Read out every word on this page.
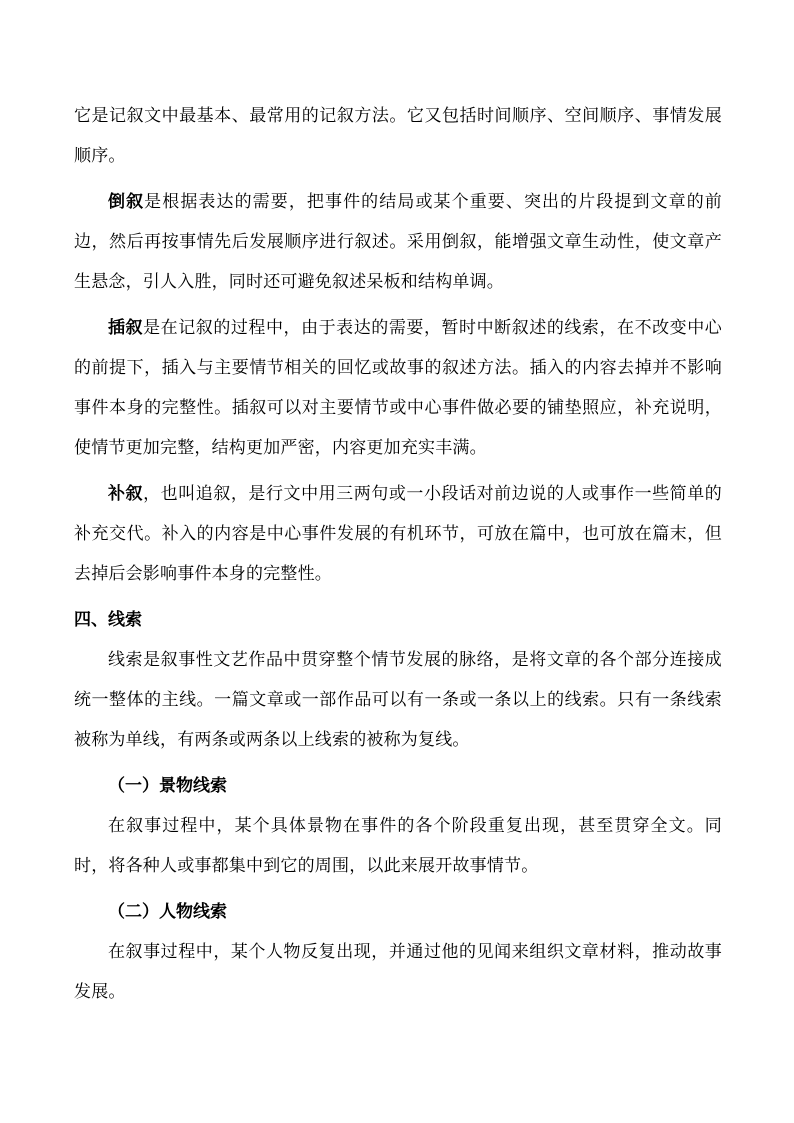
它是记叙文中最基本、最常用的记叙方法。它又包括时间顺序、空间顺序、事情发展顺序。

倒叙是根据表达的需要，把事件的结局或某个重要、突出的片段提到文章的前边，然后再按事情先后发展顺序进行叙述。采用倒叙，能增强文章生动性，使文章产生悬念，引人入胜，同时还可避免叙述呆板和结构单调。

插叙是在记叙的过程中，由于表达的需要，暂时中断叙述的线索，在不改变中心的前提下，插入与主要情节相关的回忆或故事的叙述方法。插入的内容去掉并不影响事件本身的完整性。插叙可以对主要情节或中心事件做必要的铺垫照应，补充说明，使情节更加完整，结构更加严密，内容更加充实丰满。

补叙，也叫追叙，是行文中用三两句或一小段话对前边说的人或事作一些简单的补充交代。补入的内容是中心事件发展的有机环节，可放在篇中，也可放在篇末，但去掉后会影响事件本身的完整性。

四、线索

线索是叙事性文艺作品中贯穿整个情节发展的脉络，是将文章的各个部分连接成统一整体的主线。一篇文章或一部作品可以有一条或一条以上的线索。只有一条线索被称为单线，有两条或两条以上线索的被称为复线。

（一）景物线索

在叙事过程中，某个具体景物在事件的各个阶段重复出现，甚至贯穿全文。同时，将各种人或事都集中到它的周围，以此来展开故事情节。

（二）人物线索

在叙事过程中，某个人物反复出现，并通过他的见闻来组织文章材料，推动故事发展。
